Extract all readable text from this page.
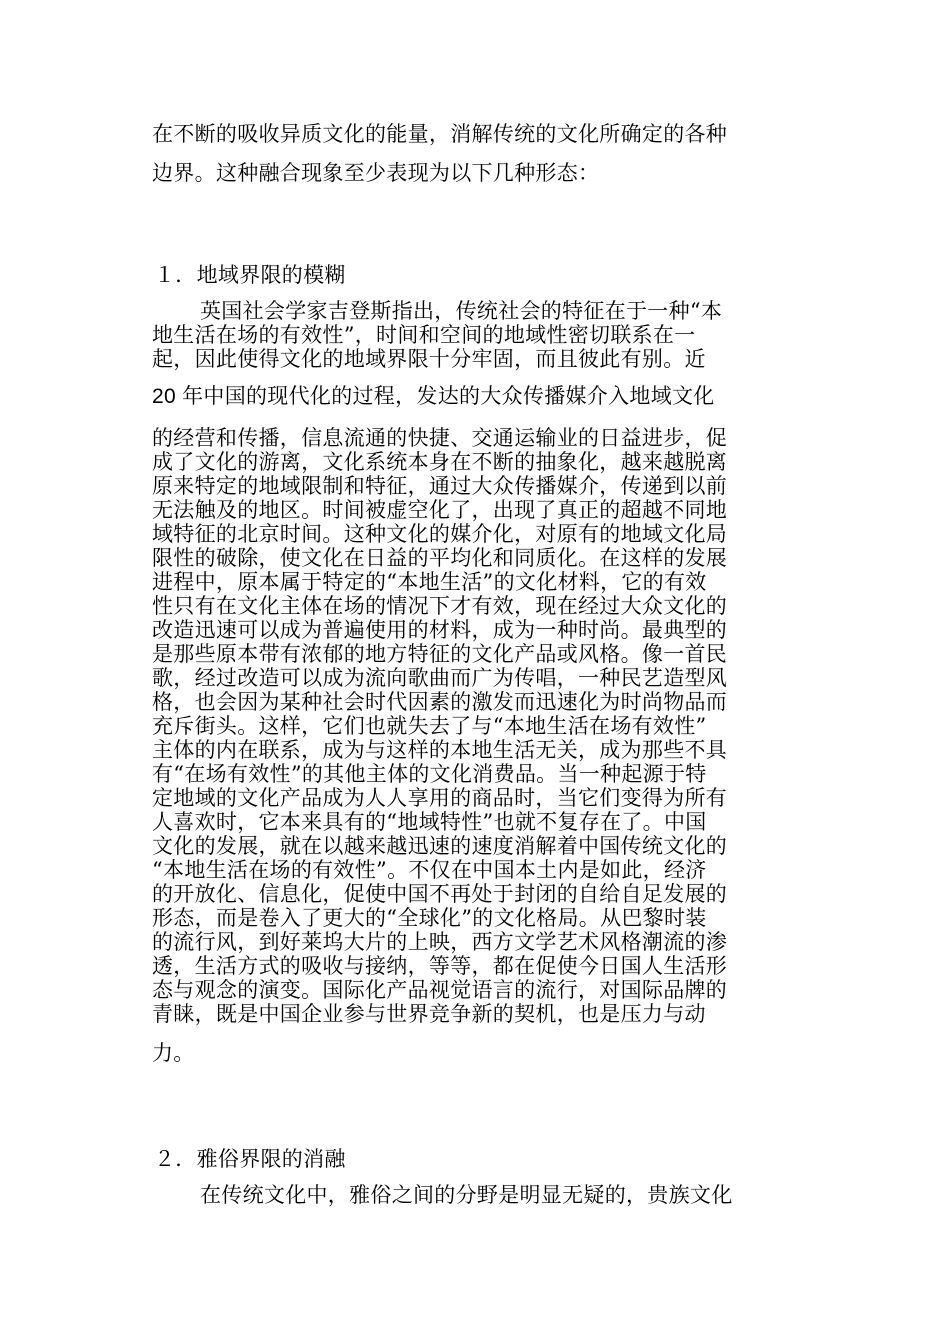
在不断的吸收异质文化的能量，消解传统的文化所确定的各种
边界。这种融合现象至少表现为以下几种形态：
１．地域界限的模糊
英国社会学家吉登斯指出，传统社会的特征在于一种“本
地生活在场的有效性”，时间和空间的地域性密切联系在一
起，因此使得文化的地域界限十分牢固，而且彼此有别。近
20 年中国的现代化的过程，发达的大众传播媒介入地域文化
的经营和传播，信息流通的快捷、交通运输业的日益进步，促
成了文化的游离，文化系统本身在不断的抽象化，越来越脱离
原来特定的地域限制和特征，通过大众传播媒介，传递到以前
无法触及的地区。时间被虚空化了，出现了真正的超越不同地
域特征的北京时间。这种文化的媒介化，对原有的地域文化局
限性的破除，使文化在日益的平均化和同质化。在这样的发展
进程中，原本属于特定的“本地生活”的文化材料，它的有效
性只有在文化主体在场的情况下才有效，现在经过大众文化的
改造迅速可以成为普遍使用的材料，成为一种时尚。最典型的
是那些原本带有浓郁的地方特征的文化产品或风格。像一首民
歌，经过改造可以成为流向歌曲而广为传唱，一种民艺造型风
格，也会因为某种社会时代因素的激发而迅速化为时尚物品而
充斥街头。这样，它们也就失去了与“本地生活在场有效性”
主体的内在联系，成为与这样的本地生活无关，成为那些不具
有“在场有效性”的其他主体的文化消费品。当一种起源于特
定地域的文化产品成为人人享用的商品时，当它们变得为所有
人喜欢时，它本来具有的“地域特性”也就不复存在了。中国
文化的发展，就在以越来越迅速的速度消解着中国传统文化的
“本地生活在场的有效性”。不仅在中国本土内是如此，经济
的开放化、信息化，促使中国不再处于封闭的自给自足发展的
形态，而是卷入了更大的“全球化”的文化格局。从巴黎时装
的流行风，到好莱坞大片的上映，西方文学艺术风格潮流的渗
透，生活方式的吸收与接纳，等等，都在促使今日国人生活形
态与观念的演变。国际化产品视觉语言的流行，对国际品牌的
青睐，既是中国企业参与世界竞争新的契机，也是压力与动
力。
２．雅俗界限的消融
在传统文化中，雅俗之间的分野是明显无疑的，贵族文化
